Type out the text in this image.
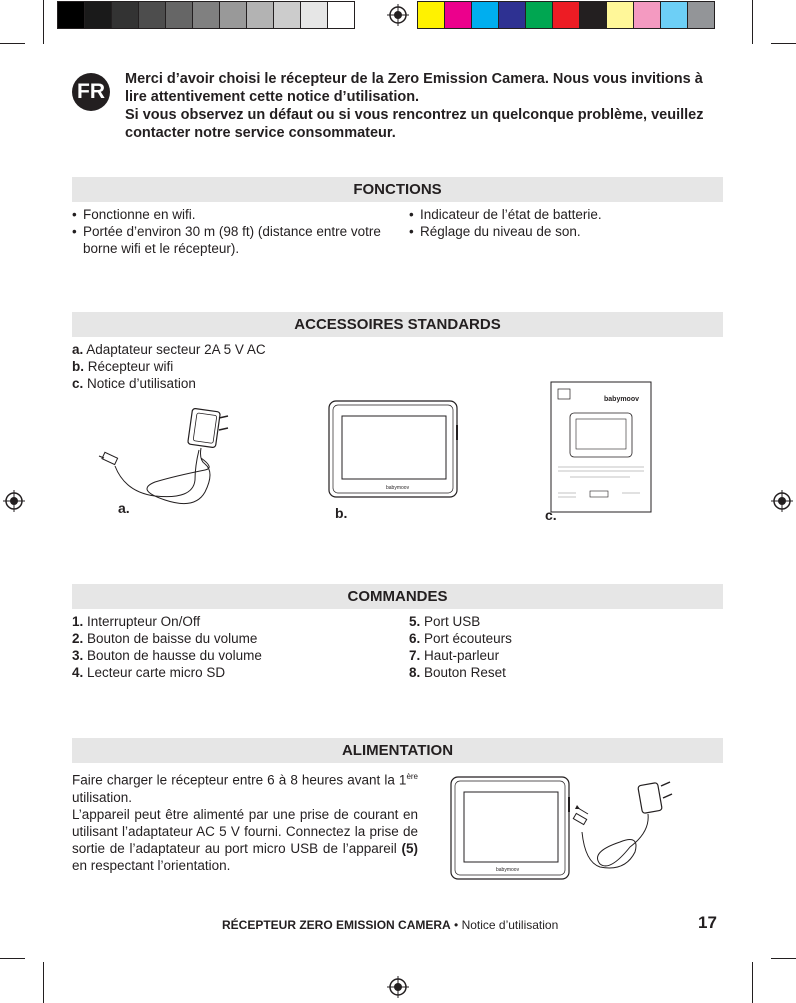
FR
Merci d’avoir choisi le récepteur de la Zero Emission Camera. Nous vous invitions à lire attentivement cette notice d’utilisation.
Si vous observez un défaut ou si vous rencontrez un quelconque problème, veuillez contacter notre service consommateur.
FONCTIONS
• Fonctionne en wifi.
• Portée d’environ 30 m (98 ft) (distance entre votre borne wifi et le récepteur).
• Indicateur de l’état de batterie.
• Réglage du niveau de son.
ACCESSOIRES STANDARDS
a. Adaptateur secteur 2A 5 V AC
b. Récepteur wifi
c. Notice d’utilisation
a.
babymoov
b.
babymoov
c.
COMMANDES
1. Interrupteur On/Off
2. Bouton de baisse du volume
3. Bouton de hausse du volume
4. Lecteur carte micro SD
5. Port USB
6. Port écouteurs
7. Haut-parleur
8. Bouton Reset
ALIMENTATION
Faire charger le récepteur entre 6 à 8 heures avant la 1ère utilisation.
L’appareil peut être alimenté par une prise de courant en utilisant l’adaptateur AC 5 V fourni. Connectez la prise de sortie de l’adaptateur au port micro USB de l’appareil (5) en respectant l’orientation.	babymoov
RÉCEPTEUR ZERO EMISSION CAMERA • Notice d’utilisation	17
